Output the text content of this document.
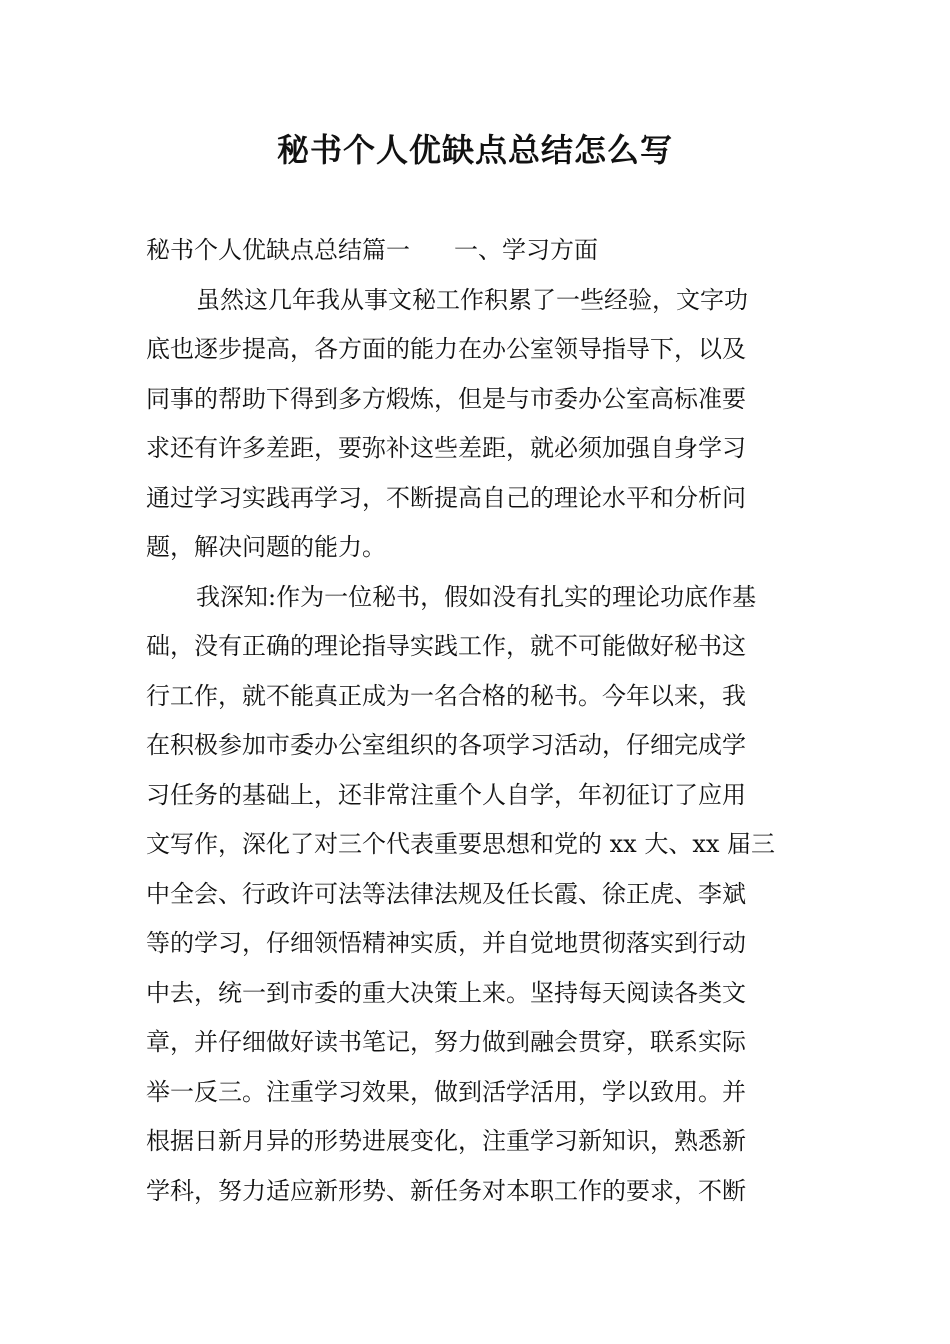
秘书个人优缺点总结怎么写
秘书个人优缺点总结篇一 一、学习方面
虽然这几年我从事文秘工作积累了一些经验，文字功
底也逐步提高，各方面的能力在办公室领导指导下，以及
同事的帮助下得到多方煅炼，但是与市委办公室高标准要
求还有许多差距，要弥补这些差距，就必须加强自身学习
通过学习实践再学习，不断提高自己的理论水平和分析问
题，解决问题的能力。
我深知:作为一位秘书，假如没有扎实的理论功底作基
础，没有正确的理论指导实践工作，就不可能做好秘书这
行工作，就不能真正成为一名合格的秘书。今年以来，我
在积极参加市委办公室组织的各项学习活动，仔细完成学
习任务的基础上，还非常注重个人自学，年初征订了应用
文写作，深化了对三个代表重要思想和党的 xx 大、xx 届三
中全会、行政许可法等法律法规及任长霞、徐正虎、李斌
等的学习，仔细领悟精神实质，并自觉地贯彻落实到行动
中去，统一到市委的重大决策上来。坚持每天阅读各类文
章，并仔细做好读书笔记，努力做到融会贯穿，联系实际
举一反三。注重学习效果，做到活学活用，学以致用。并
根据日新月异的形势进展变化，注重学习新知识，熟悉新
学科，努力适应新形势、新任务对本职工作的要求，不断
